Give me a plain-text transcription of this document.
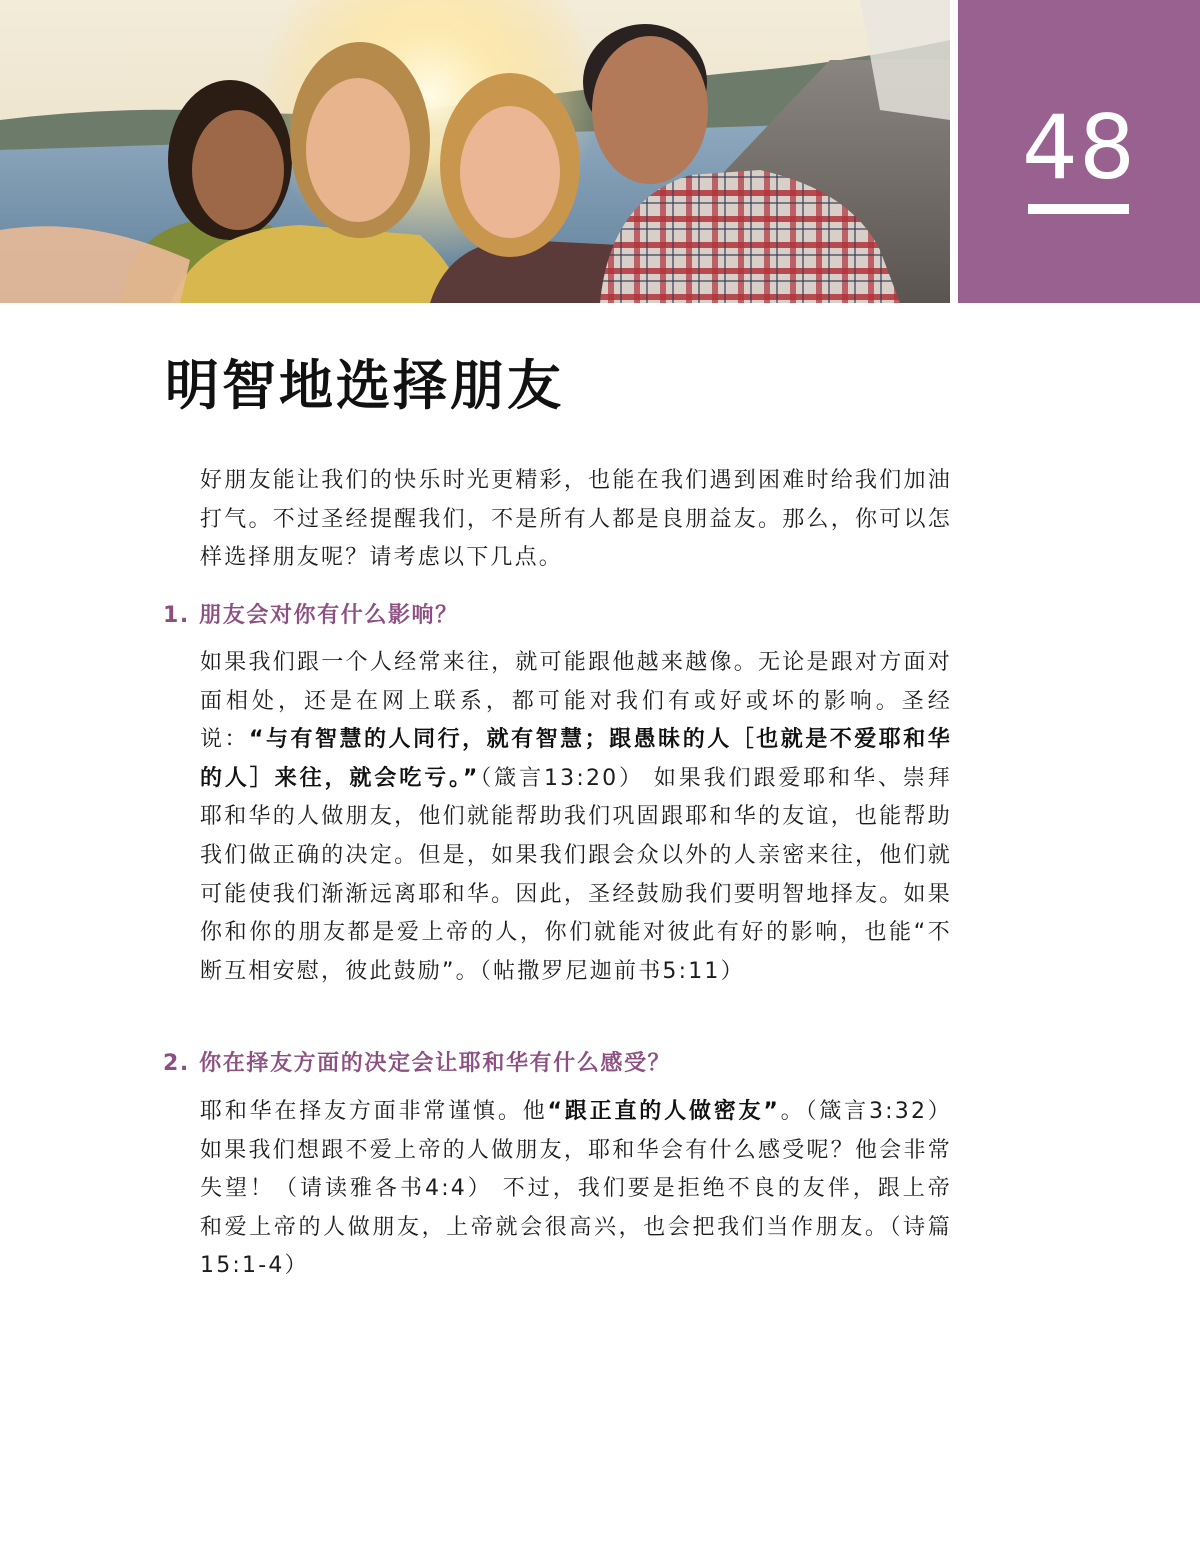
48
明智地选择朋友

好朋友能让我们的快乐时光更精彩，也能在我们遇到困难时给我们加油打气。不过圣经提醒我们，不是所有人都是良朋益友。那么，你可以怎样选择朋友呢？请考虑以下几点。

1. 朋友会对你有什么影响？

如果我们跟一个人经常来往，就可能跟他越来越像。无论是跟对方面对面相处，还是在网上联系，都可能对我们有或好或坏的影响。圣经说：“与有智慧的人同行，就有智慧；跟愚昧的人［也就是不爱耶和华的人］来往，就会吃亏。”（箴言13:20） 如果我们跟爱耶和华、崇拜耶和华的人做朋友，他们就能帮助我们巩固跟耶和华的友谊，也能帮助我们做正确的决定。但是，如果我们跟会众以外的人亲密来往，他们就可能使我们渐渐远离耶和华。因此，圣经鼓励我们要明智地择友。如果你和你的朋友都是爱上帝的人，你们就能对彼此有好的影响，也能“不断互相安慰，彼此鼓励”。（帖撒罗尼迦前书5:11）

2. 你在择友方面的决定会让耶和华有什么感受？

耶和华在择友方面非常谨慎。他“跟正直的人做密友”。（箴言3:32） 如果我们想跟不爱上帝的人做朋友，耶和华会有什么感受呢？他会非常失望！（请读雅各书4:4） 不过，我们要是拒绝不良的友伴，跟上帝和爱上帝的人做朋友，上帝就会很高兴，也会把我们当作朋友。（诗篇15:1-4）
